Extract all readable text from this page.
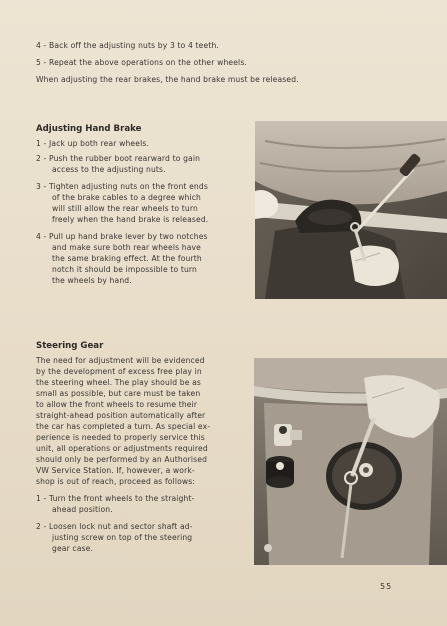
4 - Back off the adjusting nuts by 3 to 4 teeth.
5 - Repeat the above operations on the other wheels.
When adjusting the rear brakes, the hand brake must be released.
Adjusting Hand Brake
1 - Jack up both rear wheels.
2 - Push the rubber boot rearward to gain
access to the adjusting nuts.
3 - Tighten adjusting nuts on the front ends
of the brake cables to a degree which
will still allow the rear wheels to turn
freely when the hand brake is released.
4 - Pull up hand brake lever by two notches
and make sure both rear wheels have
the same braking effect. At the fourth
notch it should be impossible to turn
the wheels by hand.
Steering Gear
The need for adjustment will be evidenced
by the development of excess free play in
the steering wheel. The play should be as
small as possible, but care must be taken
to allow the front wheels to resume their
straight-ahead position automatically after
the car has completed a turn. As special ex-
perience is needed to properly service this
unit, all operations or adjustments required
should only be performed by an Authorised
VW Service Station. If, however, a work-
shop is out of reach, proceed as follows:
1 - Turn the front wheels to the straight-
ahead position.
2 - Loosen lock nut and sector shaft ad-
justing screw on top of the steering
gear case.
55
